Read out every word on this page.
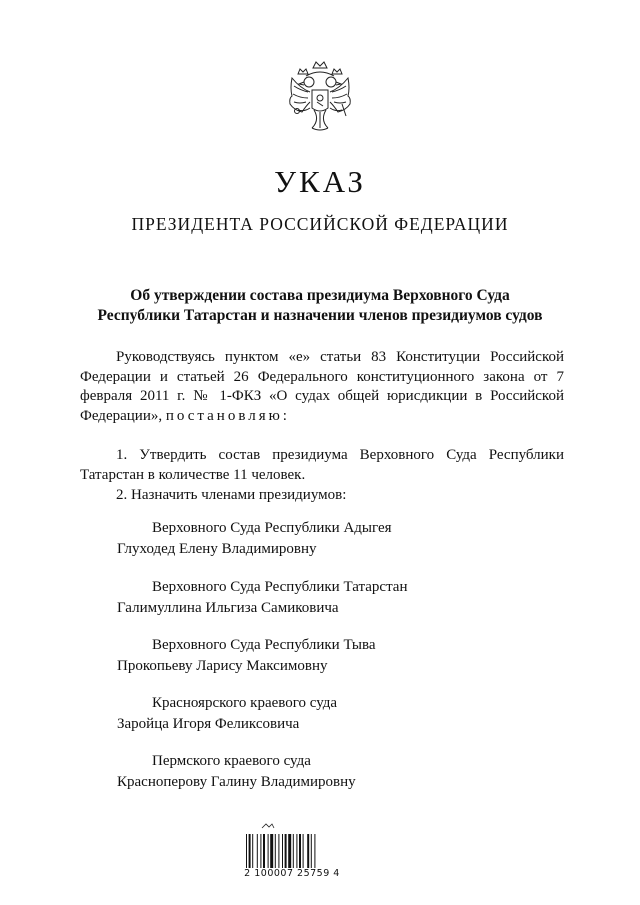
УКАЗ
ПРЕЗИДЕНТА РОССИЙСКОЙ ФЕДЕРАЦИИ
Об утверждении состава президиума Верховного Суда
Республики Татарстан и назначении членов президиумов судов
Руководствуясь пунктом «е» статьи 83 Конституции Российской Федерации и статьей 26 Федерального конституционного закона от 7 февраля 2011 г. № 1-ФКЗ «О судах общей юрисдикции в Российской Федерации», постановляю:
1. Утвердить состав президиума Верховного Суда Республики Татарстан в количестве 11 человек.
2. Назначить членами президиумов:
Верховного Суда Республики Адыгея
Глуходед Елену Владимировну
Верховного Суда Республики Татарстан
Галимуллина Ильгиза Самиковича
Верховного Суда Республики Тыва
Прокопьеву Ларису Максимовну
Красноярского краевого суда
Заройца Игоря Феликсовича
Пермского краевого суда
Красноперову Галину Владимировну
2 100007 25759 4
